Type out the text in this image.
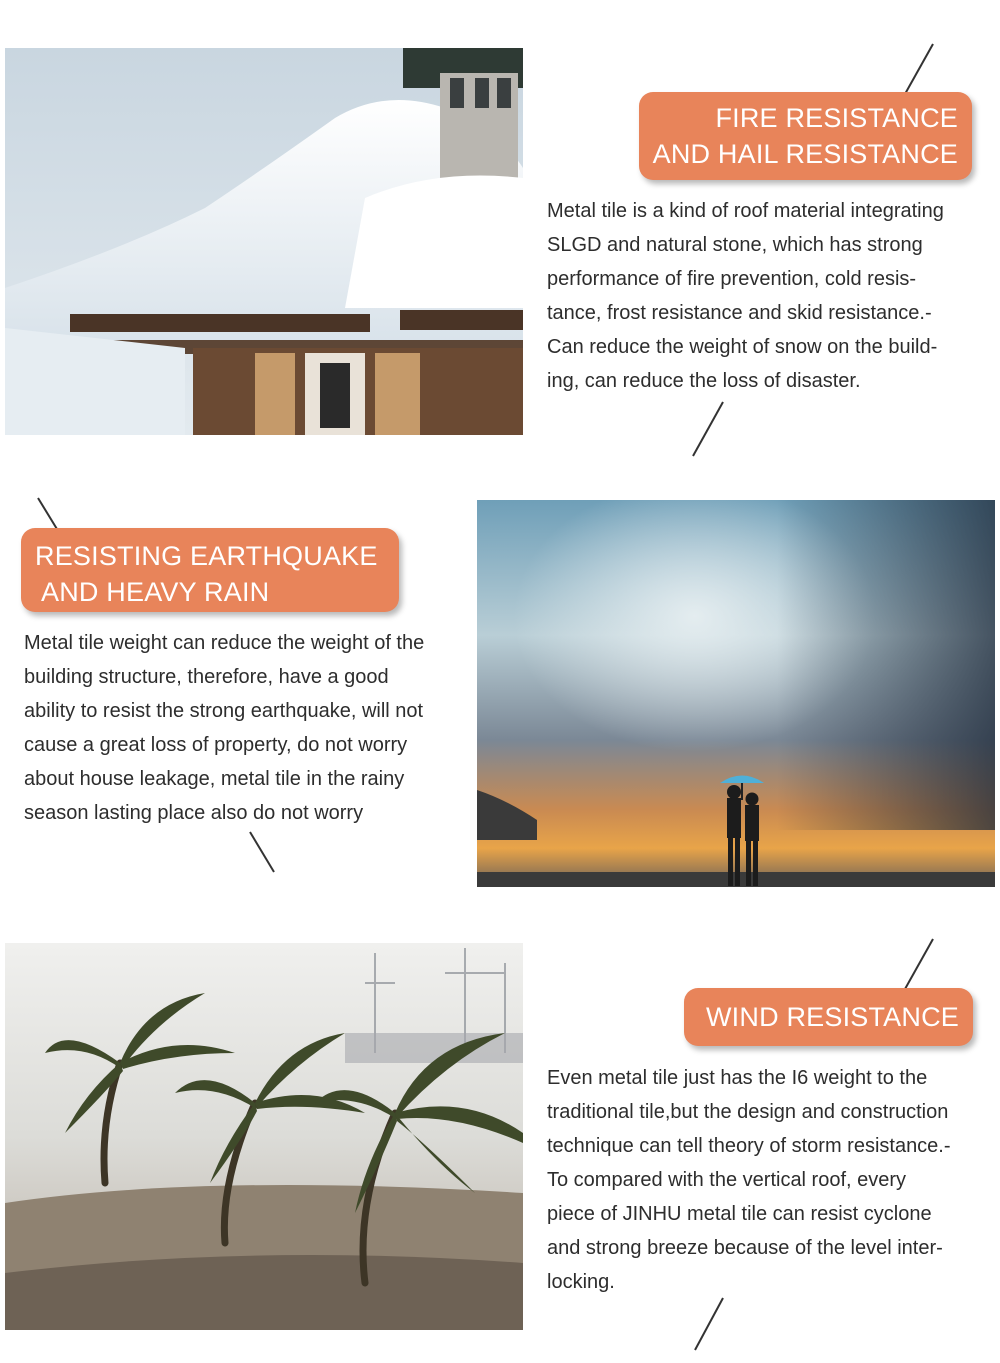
FIRE RESISTANCE
AND HAIL RESISTANCE
Metal tile is a kind of roof material integrating
SLGD and natural stone, which has strong
performance of fire prevention, cold resis-
tance, frost resistance and skid resistance.-
Can reduce the weight of snow on the build-
ing, can reduce the loss of disaster.
RESISTING EARTHQUAKE
AND HEAVY RAIN
Metal tile weight can reduce the weight of the
building structure, therefore, have a good
ability to resist the strong earthquake, will not
cause a great loss of property, do not worry
about house leakage, metal tile in the rainy
season lasting place also do not worry
WIND RESISTANCE
Even metal tile just has the I6 weight to the
traditional tile,but the design and construction
technique can tell theory of storm resistance.-
To compared with the vertical roof, every
piece of JINHU metal tile can resist cyclone
and strong breeze because of the level inter-
locking.
